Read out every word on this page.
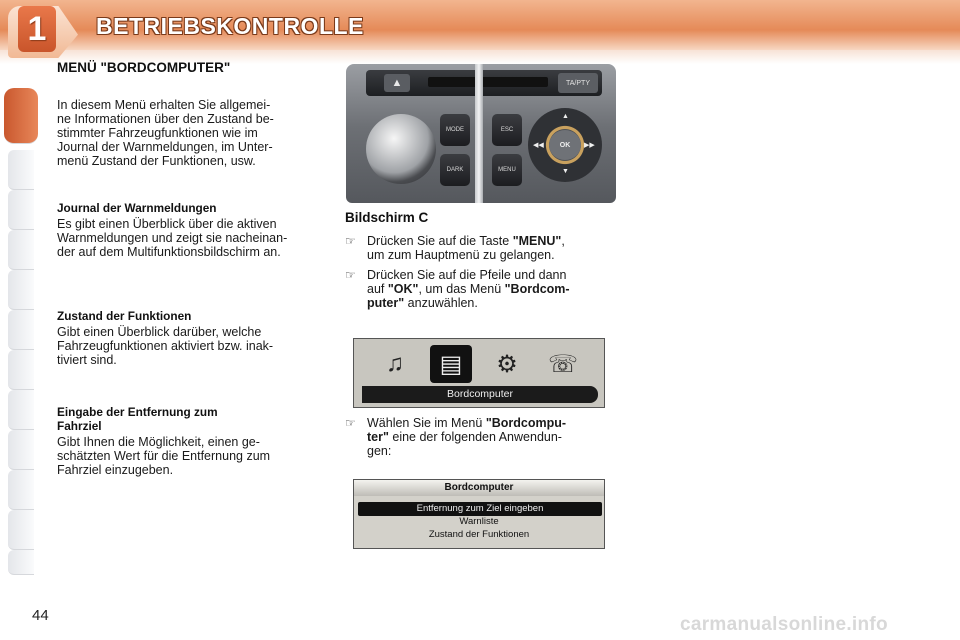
1 BETRIEBSKONTROLLE
MENÜ "BORDCOMPUTER"
In diesem Menü erhalten Sie allgemei-
ne Informationen über den Zustand be-
stimmter Fahrzeugfunktionen wie im
Journal der Warnmeldungen, im Unter-
menü Zustand der Funktionen, usw.
Journal der Warnmeldungen
Es gibt einen Überblick über die aktiven
Warnmeldungen und zeigt sie nacheinan-
der auf dem Multifunktionsbildschirm an.
Zustand der Funktionen
Gibt einen Überblick darüber, welche
Fahrzeugfunktionen aktiviert bzw. inak-
tiviert sind.
Eingabe der Entfernung zum
Fahrziel
Gibt Ihnen die Möglichkeit, einen ge-
schätzten Wert für die Entfernung zum
Fahrziel einzugeben.
▲	TA/PTY
MODE
DARK
ESC
MENU
OK
▲
▼
◀◀	▶▶
Bildschirm C
☞ Drücken Sie auf die Taste "MENU",
um zum Hauptmenü zu gelangen.
☞ Drücken Sie auf die Pfeile und dann
auf "OK", um das Menü "Bordcom-
puter" anzuwählen.
☞ Wählen Sie im Menü "Bordcompu-
ter" eine der folgenden Anwendun-
gen:
♫	▤	⚙	☏
Bordcomputer
Bordcomputer
Entfernung zum Ziel eingeben
Warnliste
Zustand der Funktionen
44	carmanualsonline.info
